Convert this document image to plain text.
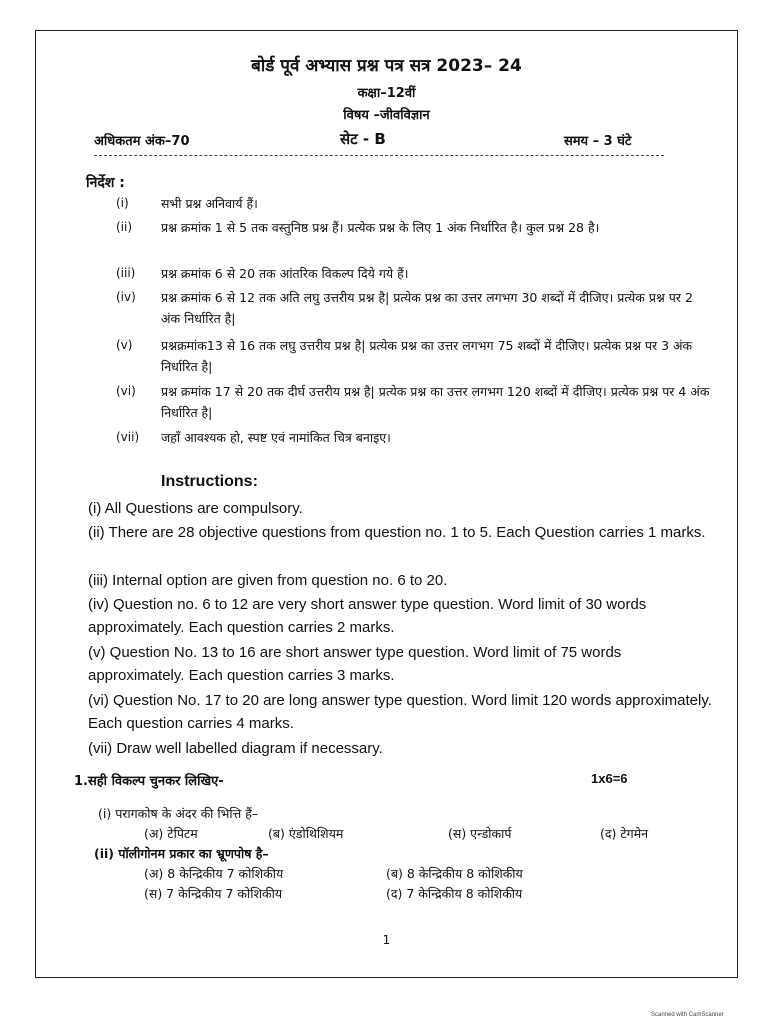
बोर्ड पूर्व अभ्यास प्रश्न पत्र सत्र 2023– 24
कक्षा–12वीं
विषय –जीवविज्ञान
अधिकतम अंक–70	सेट - B	समय – 3 घंटे
निर्देश :
(i)	सभी प्रश्न अनिवार्य हैं।
(ii)	प्रश्न क्रमांक 1 से 5 तक वस्तुनिष्ठ प्रश्न हैं। प्रत्येक प्रश्न के लिए 1 अंक निर्धारित है। कुल प्रश्न 28 है।
(iii)	प्रश्न क्रमांक 6 से 20 तक आंतरिक विकल्प दिये गये हैं।
(iv)	प्रश्न क्रमांक 6 से 12 तक अति लघु उत्तरीय प्रश्न है| प्रत्येक प्रश्न का उत्तर लगभग 30 शब्दों में दीजिए। प्रत्येक प्रश्न पर 2 अंक निर्धारित है|
(v)	प्रश्नक्रमांक13 से 16 तक लघु उत्तरीय प्रश्न है| प्रत्येक प्रश्न का उत्तर लगभग 75 शब्दों में दीजिए। प्रत्येक प्रश्न पर 3 अंक निर्धारित है|
(vi)	प्रश्न क्रमांक 17 से 20 तक दीर्घ उत्तरीय प्रश्न है| प्रत्येक प्रश्न का उत्तर लगभग 120 शब्दों में दीजिए। प्रत्येक प्रश्न पर 4 अंक निर्धारित है|
(vii)	जहाँ आवश्यक हो, स्पष्ट एवं नामांकित चित्र बनाइए।
Instructions:
(i) All Questions are compulsory.
(ii) There are 28 objective questions from question no. 1 to 5. Each Question carries 1 marks.
(iii) Internal option are given from question no. 6 to 20.
(iv) Question no. 6 to 12 are very short answer type question. Word limit of 30 words approximately. Each question carries 2 marks.
(v) Question No. 13 to 16 are short answer type question. Word limit of 75 words approximately. Each question carries 3 marks.
(vi) Question No. 17 to 20 are long answer type question. Word limit 120 words approximately. Each question carries 4 marks.
(vii) Draw well labelled diagram if necessary.
1.सही विकल्प चुनकर लिखिए-	1x6=6
(i) परागकोष के अंदर की भित्ति हैं–
(अ) टेपिटम	(ब) एंडोथिशियम	(स) एन्डोकार्प	(द) टेगमेन
(ii) पॉलीगोनम प्रकार का भ्रूणपोष है–
(अ) 8 केन्द्रिकीय 7 कोशिकीय	(ब) 8 केन्द्रिकीय 8 कोशिकीय
(स) 7 केन्द्रिकीय 7 कोशिकीय	(द) 7 केन्द्रिकीय 8 कोशिकीय
1
Scanned with CamScanner
